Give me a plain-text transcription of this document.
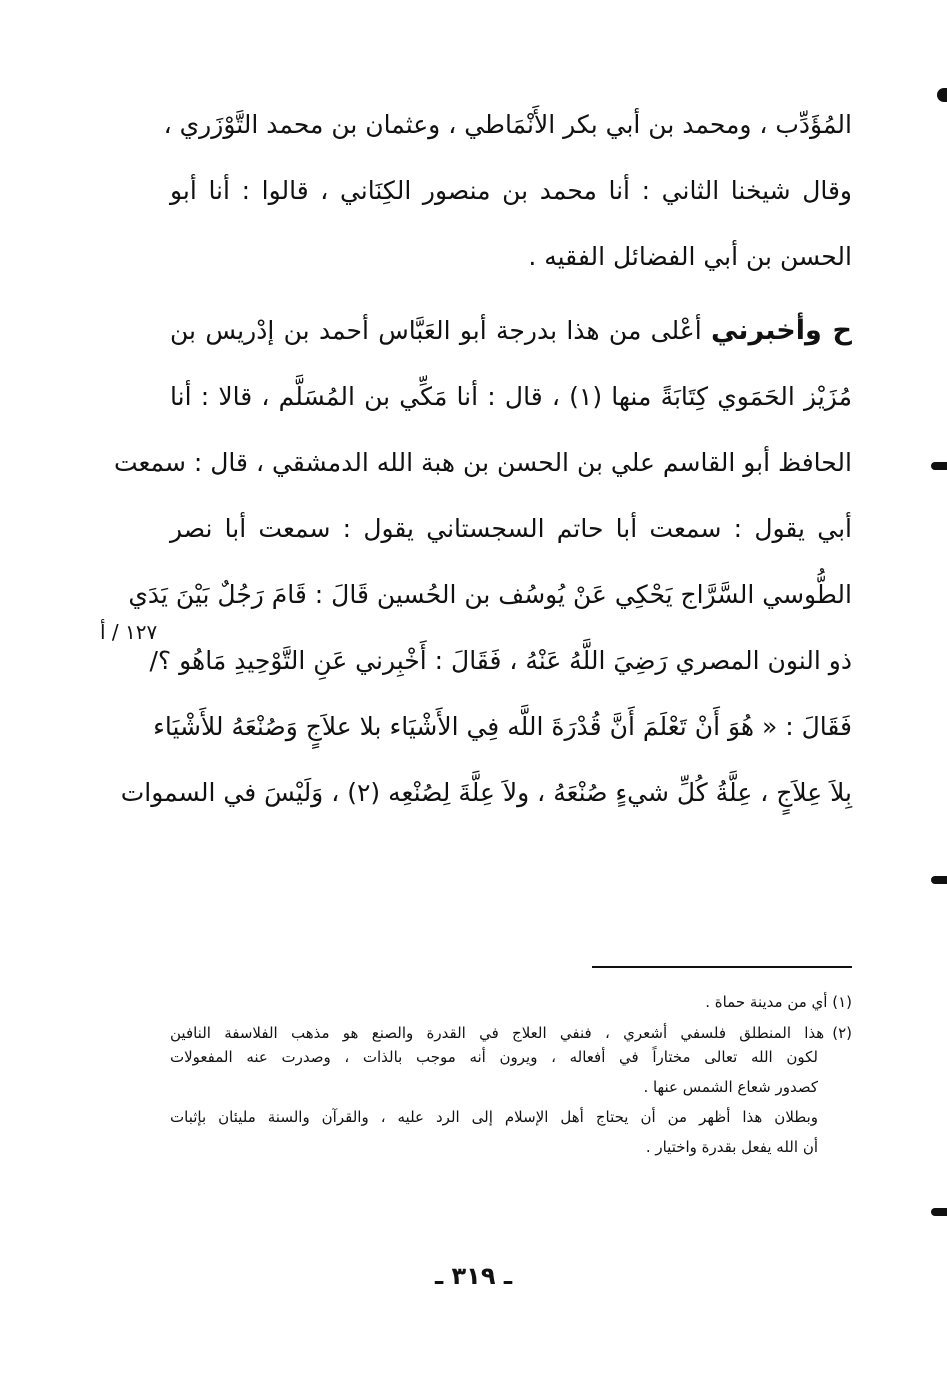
المُؤَدِّب ، ومحمد بن أبي بكر الأَنْمَاطي ، وعثمان بن محمد التَّوْزَري ،
وقال شيخنا الثاني : أنا محمد بن منصور الكِنَاني ، قالوا : أنا أبو
الحسن بن أبي الفضائل الفقيه .
ح وأخبرني أعْلى من هذا بدرجة أبو العَبَّاس أحمد بن إدْريس بن
مُزَيْز الحَمَوي كِتَابَةً منها (١) ، قال : أنا مَكِّي بن المُسَلَّم ، قالا : أنا
الحافظ أبو القاسم علي بن الحسن بن هبة الله الدمشقي ، قال : سمعت
أبي يقول : سمعت أبا حاتم السجستاني يقول : سمعت أبا نصر
الطُّوسي السَّرَّاج يَحْكِي عَنْ يُوسُف بن الحُسين قَالَ : قَامَ رَجُلٌ بَيْنَ يَدَي
ذو النون المصري رَضِيَ اللَّهُ عَنْهُ ، فَقَالَ : أَخْبِرني عَنِ التَّوْحِيدِ مَاهُو ؟/
فَقَالَ : « هُوَ أَنْ تَعْلَمَ أَنَّ قُدْرَةَ اللَّه فِي الأَشْيَاء بلا علاَجٍ وَصُنْعَهُ للأَشْيَاء
بِلاَ عِلاَجٍ ، عِلَّةُ كُلِّ شيءٍ صُنْعَهُ ، ولاَ عِلَّةَ لِصُنْعِه (٢) ، وَلَيْسَ في السموات
١٢٧ / أ
(١) أي من مدينة حماة .
(٢)
هذا المنطلق فلسفي أشعري ، فنفي العلاج في القدرة والصنع هو مذهب الفلاسفة النافين
لكون الله تعالى مختاراً في أفعاله ، ويرون أنه موجب بالذات ، وصدرت عنه المفعولات
كصدور شعاع الشمس عنها .
وبطلان هذا أظهر من أن يحتاج أهل الإسلام إلى الرد عليه ، والقرآن والسنة مليئان بإثبات
أن الله يفعل بقدرة واختيار .
ـ ٣١٩ ـ
